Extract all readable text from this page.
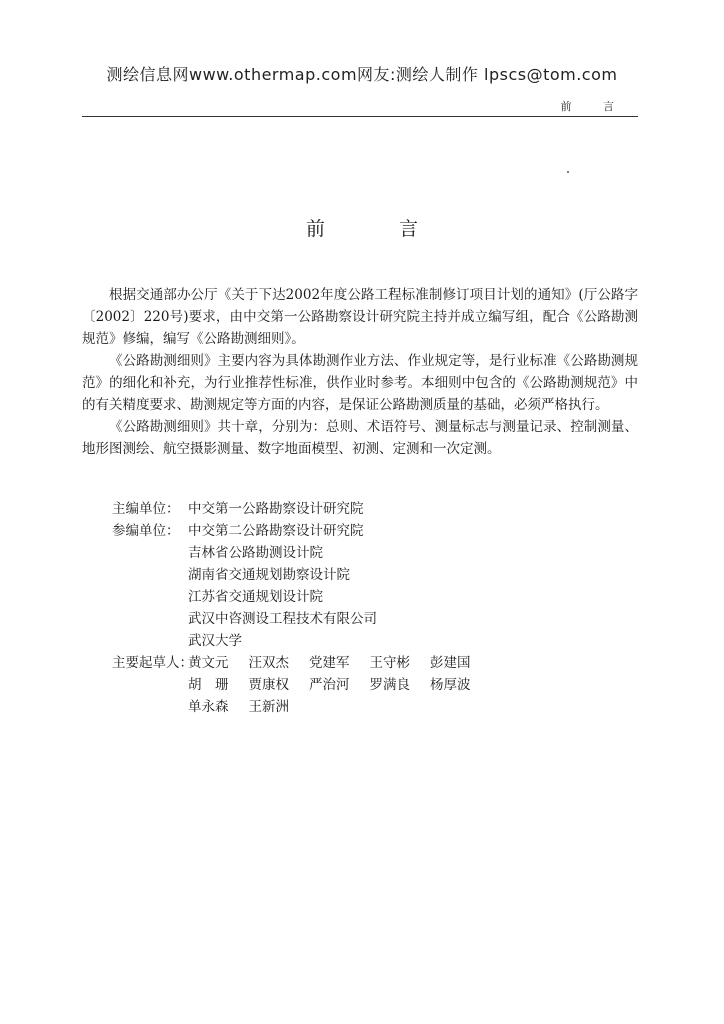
测绘信息网www.othermap.com网友:测绘人制作 lpscs@tom.com
前 言
前 言

根据交通部办公厅《关于下达2002年度公路工程标准制修订项目计划的通知》(厅公路字〔2002〕220号)要求，由中交第一公路勘察设计研究院主持并成立编写组，配合《公路勘测规范》修编，编写《公路勘测细则》。

《公路勘测细则》主要内容为具体勘测作业方法、作业规定等，是行业标准《公路勘测规范》的细化和补充，为行业推荐性标准，供作业时参考。本细则中包含的《公路勘测规范》中的有关精度要求、勘测规定等方面的内容，是保证公路勘测质量的基础，必须严格执行。

《公路勘测细则》共十章，分别为：总则、术语符号、测量标志与测量记录、控制测量、地形图测绘、航空摄影测量、数字地面模型、初测、定测和一次定测。

主编单位： 中交第一公路勘察设计研究院
参编单位： 中交第二公路勘察设计研究院
吉林省公路勘测设计院
湖南省交通规划勘察设计院
江苏省交通规划设计院
武汉中咨测设工程技术有限公司
武汉大学
主要起草人：
黄文元 汪双杰 党建军 王守彬 彭建国
胡　珊 贾康权 严治河 罗满良 杨厚波
单永森 王新洲
